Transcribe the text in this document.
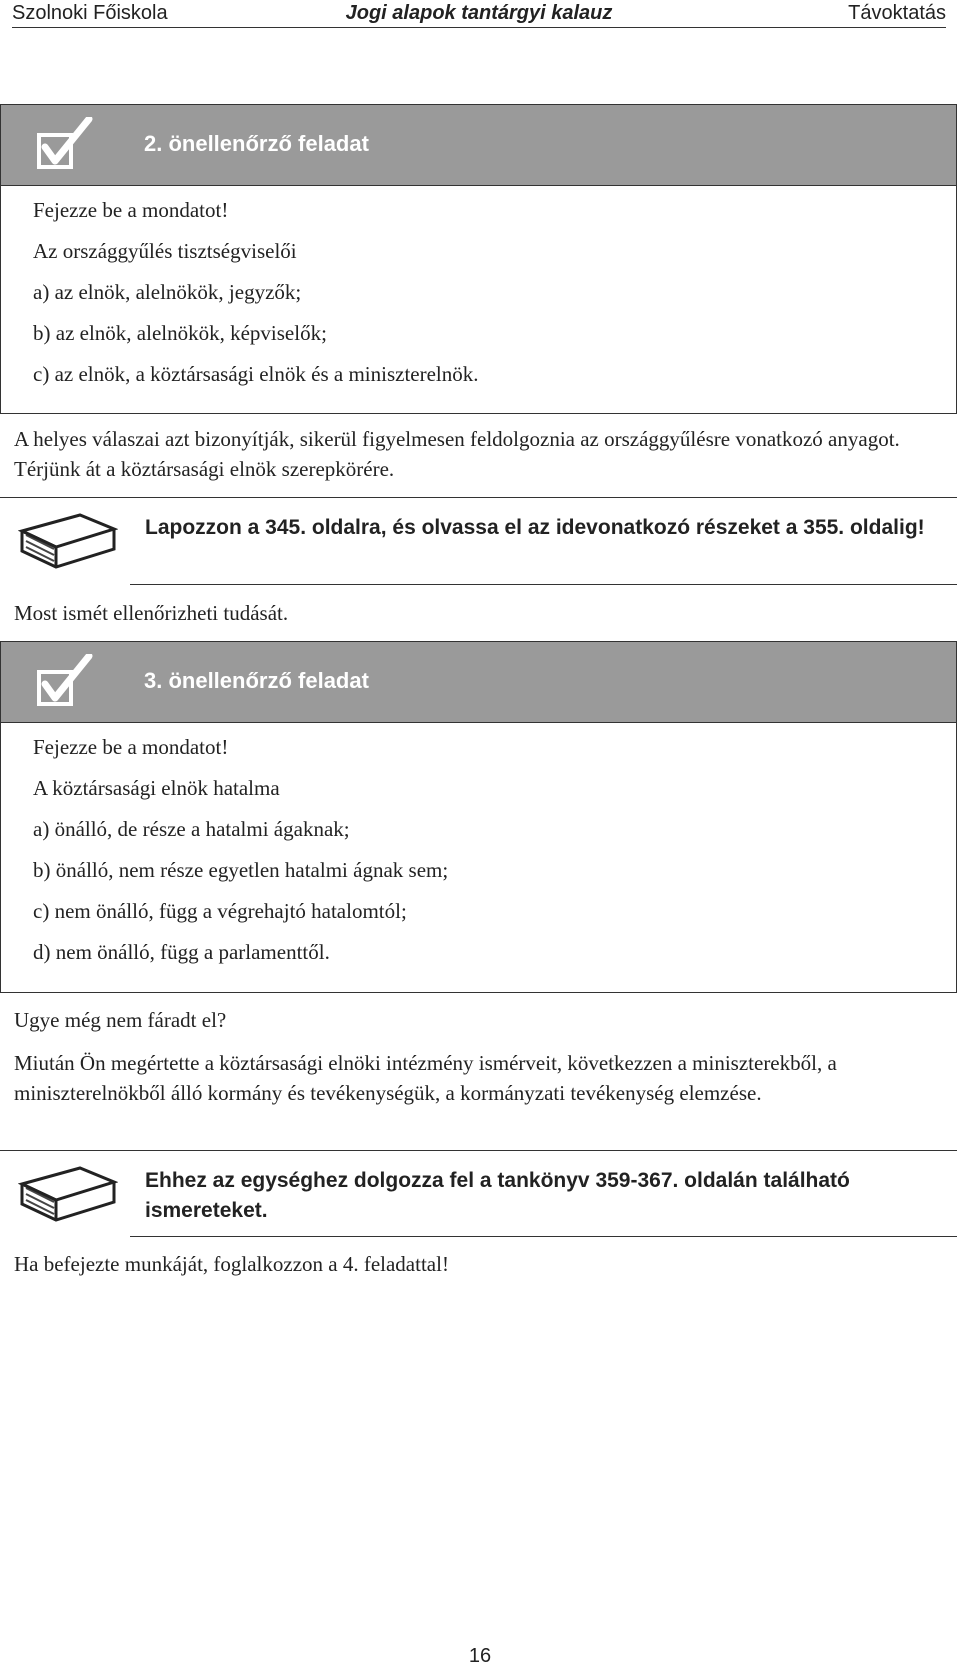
Szolnoki Főiskola	Jogi alapok tantárgyi kalauz	Távoktatás
2. önellenőrző feladat
Fejezze be a mondatot!
Az országgyűlés tisztségviselői
a) az elnök, alelnökök, jegyzők;
b) az elnök, alelnökök, képviselők;
c) az elnök, a köztársasági elnök és a miniszterelnök.
A helyes válaszai azt bizonyítják, sikerül figyelmesen feldolgoznia az országgyűlésre vonatkozó anyagot. Térjünk át a köztársasági elnök szerepkörére.
Lapozzon a 345. oldalra, és olvassa el az idevonatkozó részeket a 355. oldalig!
Most ismét ellenőrizheti tudását.
3. önellenőrző feladat
Fejezze be a mondatot!
A köztársasági elnök hatalma
a) önálló, de része a hatalmi ágaknak;
b) önálló, nem része egyetlen hatalmi ágnak sem;
c) nem önálló, függ a végrehajtó hatalomtól;
d) nem önálló, függ a parlamenttől.
Ugye még nem fáradt el?
Miután Ön megértette a köztársasági elnöki intézmény ismérveit, következzen a miniszterekből, a miniszterelnökből álló kormány és tevékenységük, a kormányzati tevékenység elemzése.
Ehhez az egységhez dolgozza fel a tankönyv 359-367. oldalán található ismereteket.
Ha befejezte munkáját, foglalkozzon a 4. feladattal!
16
